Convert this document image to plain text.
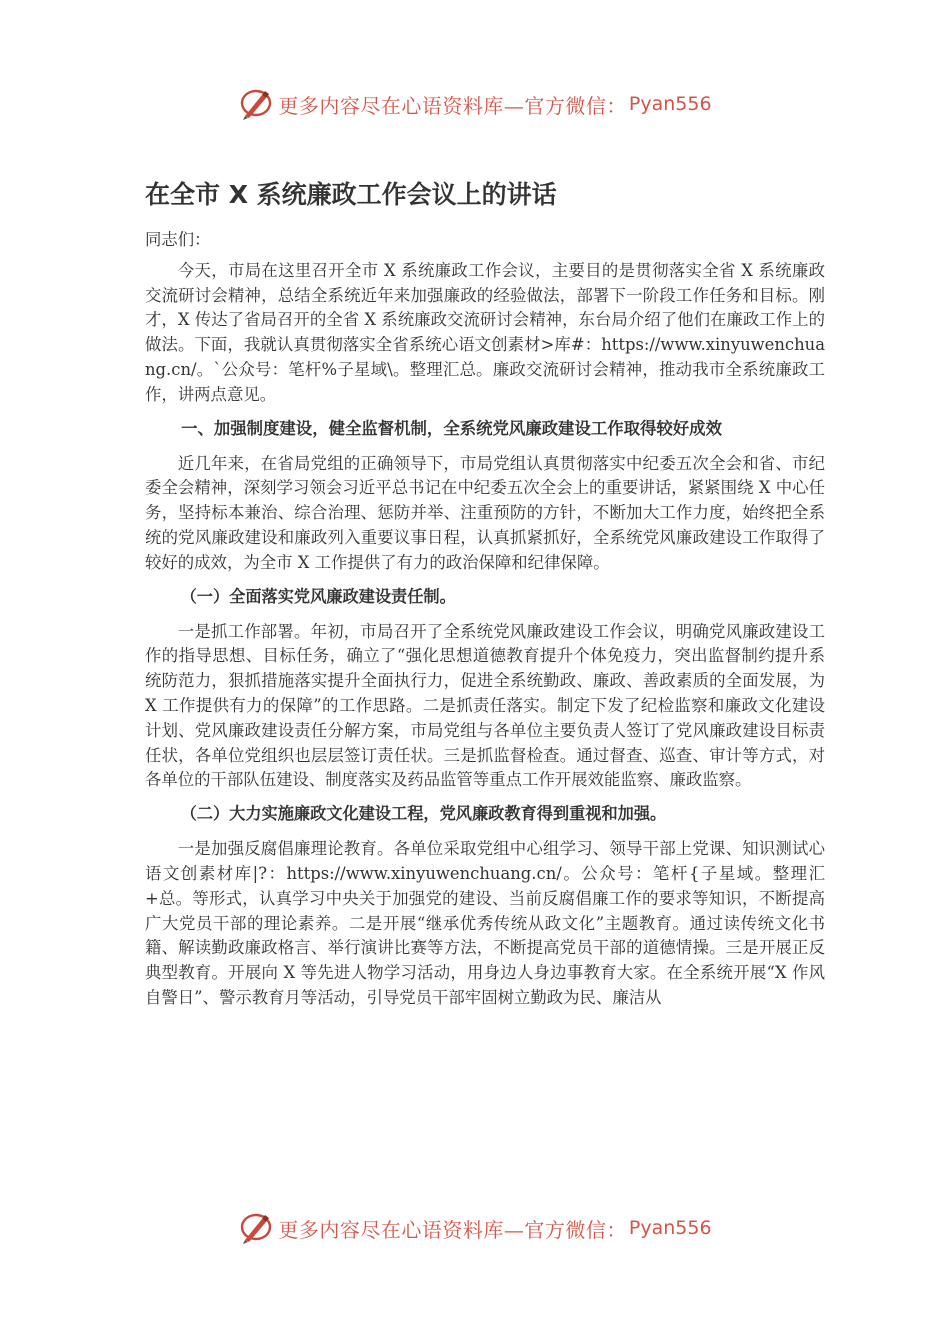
更多内容尽在心语资料库—官方微信： Pyan556
在全市 X 系统廉政工作会议上的讲话

同志们：

今天，市局在这里召开全市 X 系统廉政工作会议，主要目的是贯彻落实全省 X 系统廉政交流研讨会精神，总结全系统近年来加强廉政的经验做法，部署下一阶段工作任务和目标。刚才，X 传达了省局召开的全省 X 系统廉政交流研讨会精神，东台局介绍了他们在廉政工作上的做法。下面，我就认真贯彻落实全省系统心语文创素材>库#：https://www.xinyuwenchuang.cn/。`公众号：笔杆%子星域\。整理汇总。廉政交流研讨会精神，推动我市全系统廉政工作，讲两点意见。

一、加强制度建设，健全监督机制，全系统党风廉政建设工作取得较好成效

近几年来，在省局党组的正确领导下，市局党组认真贯彻落实中纪委五次全会和省、市纪委全会精神，深刻学习领会习近平总书记在中纪委五次全会上的重要讲话，紧紧围绕 X 中心任务，坚持标本兼治、综合治理、惩防并举、注重预防的方针，不断加大工作力度，始终把全系统的党风廉政建设和廉政列入重要议事日程，认真抓紧抓好，全系统党风廉政建设工作取得了较好的成效，为全市 X 工作提供了有力的政治保障和纪律保障。

（一）全面落实党风廉政建设责任制。

一是抓工作部署。年初，市局召开了全系统党风廉政建设工作会议，明确党风廉政建设工作的指导思想、目标任务，确立了“强化思想道德教育提升个体免疫力，突出监督制约提升系统防范力，狠抓措施落实提升全面执行力，促进全系统勤政、廉政、善政素质的全面发展，为 X 工作提供有力的保障”的工作思路。二是抓责任落实。制定下发了纪检监察和廉政文化建设计划、党风廉政建设责任分解方案，市局党组与各单位主要负责人签订了党风廉政建设目标责任状，各单位党组织也层层签订责任状。三是抓监督检查。通过督查、巡查、审计等方式，对各单位的干部队伍建设、制度落实及药品监管等重点工作开展效能监察、廉政监察。

（二）大力实施廉政文化建设工程，党风廉政教育得到重视和加强。

一是加强反腐倡廉理论教育。各单位采取党组中心组学习、领导干部上党课、知识测试心语文创素材库|?：https://www.xinyuwenchuang.cn/。公众号：笔杆{子星域。整理汇+总。等形式，认真学习中央关于加强党的建设、当前反腐倡廉工作的要求等知识，不断提高广大党员干部的理论素养。二是开展“继承优秀传统从政文化”主题教育。通过读传统文化书籍、解读勤政廉政格言、举行演讲比赛等方法，不断提高党员干部的道德情操。三是开展正反典型教育。开展向 X 等先进人物学习活动，用身边人身边事教育大家。在全系统开展“X 作风自警日”、警示教育月等活动，引导党员干部牢固树立勤政为民、廉洁从

更多内容尽在心语资料库—官方微信： Pyan556
